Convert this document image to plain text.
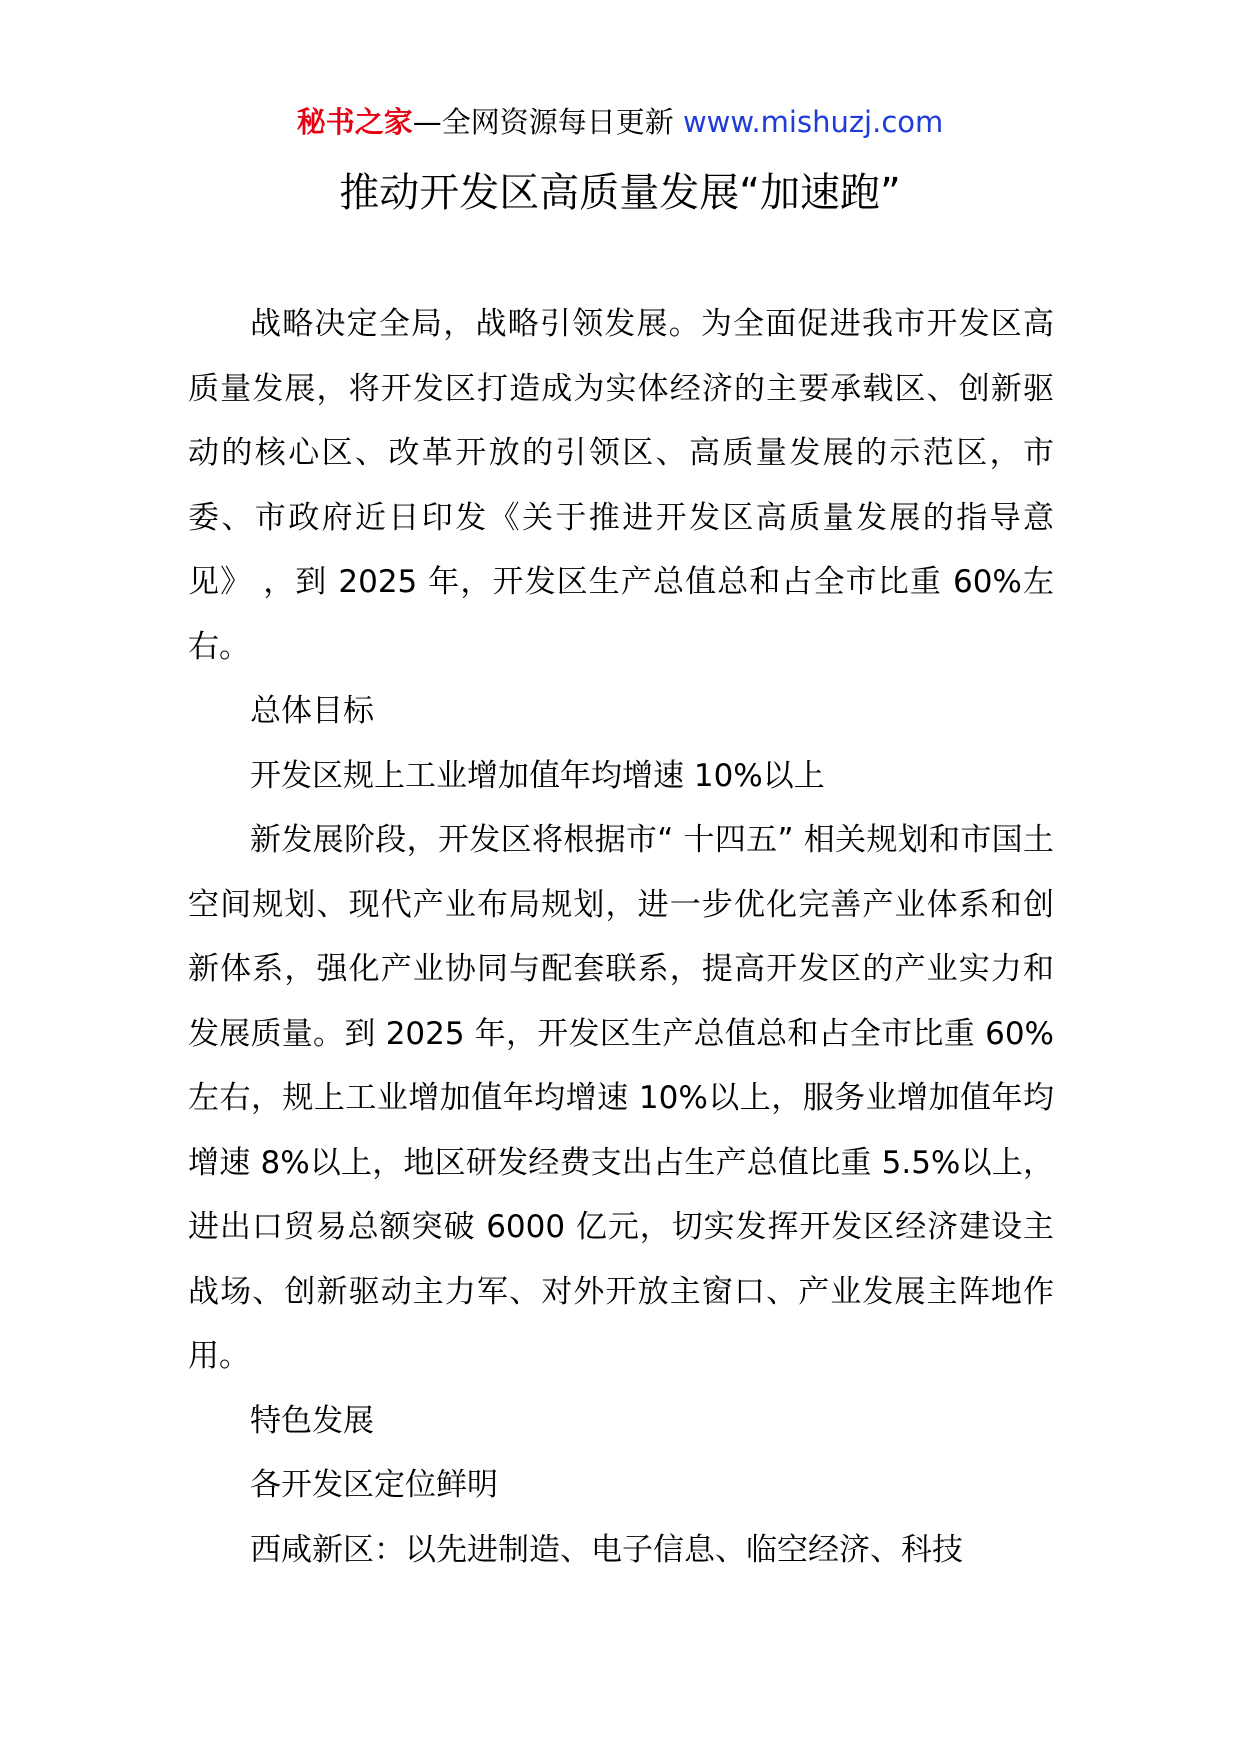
秘书之家—全网资源每日更新 www.mishuzj.com
推动开发区高质量发展“加速跑”

战略决定全局，战略引领发展。为全面促进我市开发区高质量发展，将开发区打造成为实体经济的主要承载区、创新驱动的核心区、改革开放的引领区、高质量发展的示范区，市委、市政府近日印发《关于推进开发区高质量发展的指导意见》 ，到 2025 年，开发区生产总值总和占全市比重 60%左右。

总体目标

开发区规上工业增加值年均增速 10%以上

新发展阶段，开发区将根据市“ 十四五” 相关规划和市国土空间规划、现代产业布局规划，进一步优化完善产业体系和创新体系，强化产业协同与配套联系，提高开发区的产业实力和发展质量。到 2025 年，开发区生产总值总和占全市比重 60%左右，规上工业增加值年均增速 10%以上，服务业增加值年均增速 8%以上，地区研发经费支出占生产总值比重 5.5%以上，进出口贸易总额突破 6000 亿元，切实发挥开发区经济建设主战场、创新驱动主力军、对外开放主窗口、产业发展主阵地作用。

特色发展

各开发区定位鲜明

西咸新区：以先进制造、电子信息、临空经济、科技
